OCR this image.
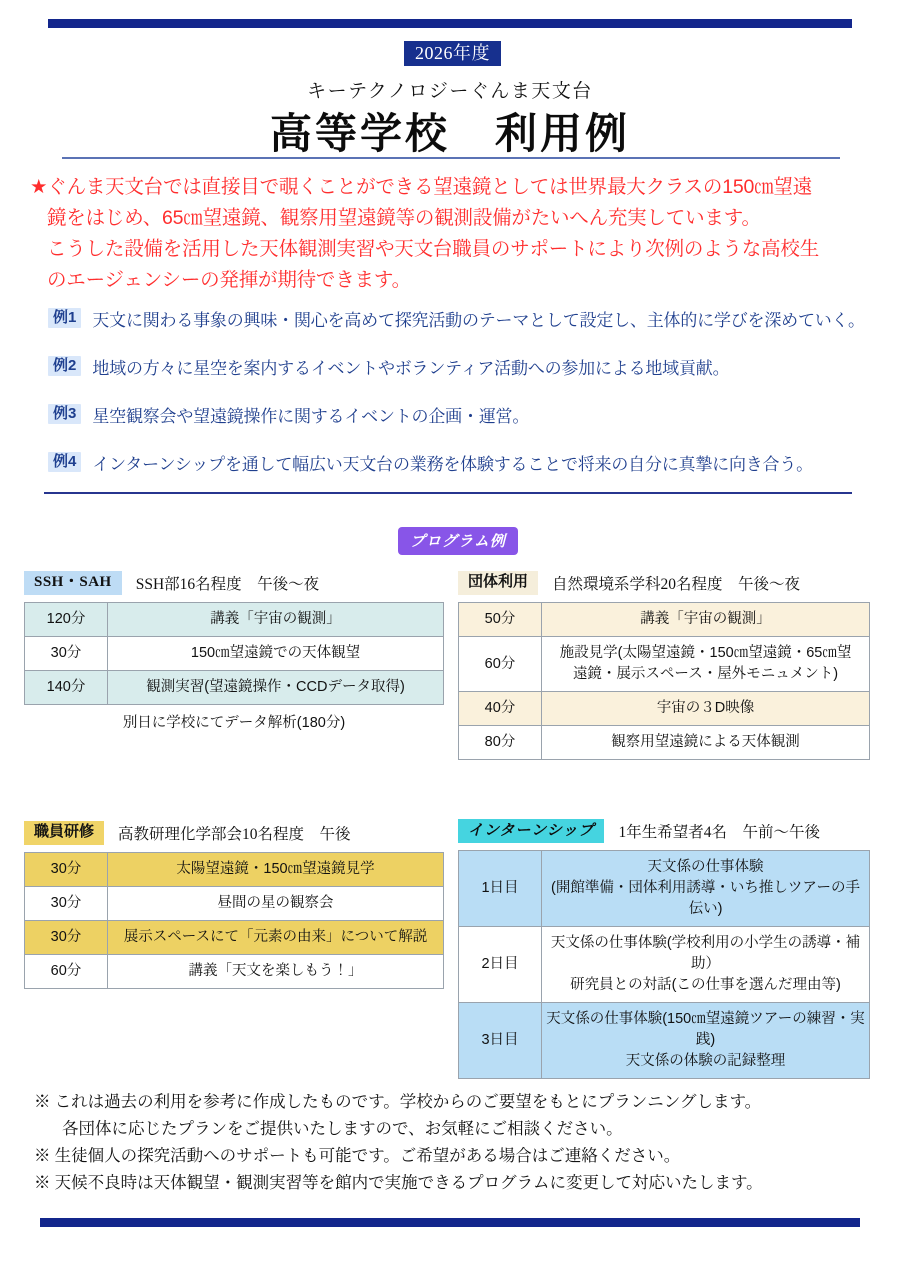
2026年度
キーテクノロジーぐんま天文台
高等学校　利用例
★ぐんま天文台では直接目で覗くことができる望遠鏡としては世界最大クラスの150㎝望遠
鏡をはじめ、65㎝望遠鏡、観察用望遠鏡等の観測設備がたいへん充実しています。
こうした設備を活用した天体観測実習や天文台職員のサポートにより次例のような高校生
のエージェンシーの発揮が期待できます。
例1 天文に関わる事象の興味・関心を高めて探究活動のテーマとして設定し、主体的に学びを深めていく。
例2 地域の方々に星空を案内するイベントやボランティア活動への参加による地域貢献。
例3 星空観察会や望遠鏡操作に関するイベントの企画・運営。
例4 インターンシップを通して幅広い天文台の業務を体験することで将来の自分に真摯に向き合う。
プログラム例
SSH・SAH	SSH部16名程度　午後〜夜
120分	講義「宇宙の観測」
30分	150㎝望遠鏡での天体観望
140分	観測実習(望遠鏡操作・CCDデータ取得)
別日に学校にてデータ解析(180分)
団体利用	自然環境系学科20名程度　午後〜夜
50分	講義「宇宙の観測」
60分	施設見学(太陽望遠鏡・150㎝望遠鏡・65㎝望
遠鏡・展示スペース・屋外モニュメント)
40分	宇宙の３D映像
80分	観察用望遠鏡による天体観測
職員研修	高教研理化学部会10名程度　午後
30分	太陽望遠鏡・150㎝望遠鏡見学
30分	昼間の星の観察会
30分	展示スペースにて「元素の由来」について解説
60分	講義「天文を楽しもう！」
インターンシップ	1年生希望者4名　午前〜午後
1日目	天文係の仕事体験
(開館準備・団体利用誘導・いち推しツアーの手伝い)
2日目	天文係の仕事体験(学校利用の小学生の誘導・補助）
研究員との対話(この仕事を選んだ理由等)
3日目	天文係の仕事体験(150㎝望遠鏡ツアーの練習・実践)
天文係の体験の記録整理
※ これは過去の利用を参考に作成したものです。学校からのご要望をもとにプランニングします。
各団体に応じたプランをご提供いたしますので、お気軽にご相談ください。
※ 生徒個人の探究活動へのサポートも可能です。ご希望がある場合はご連絡ください。
※ 天候不良時は天体観望・観測実習等を館内で実施できるプログラムに変更して対応いたします。
